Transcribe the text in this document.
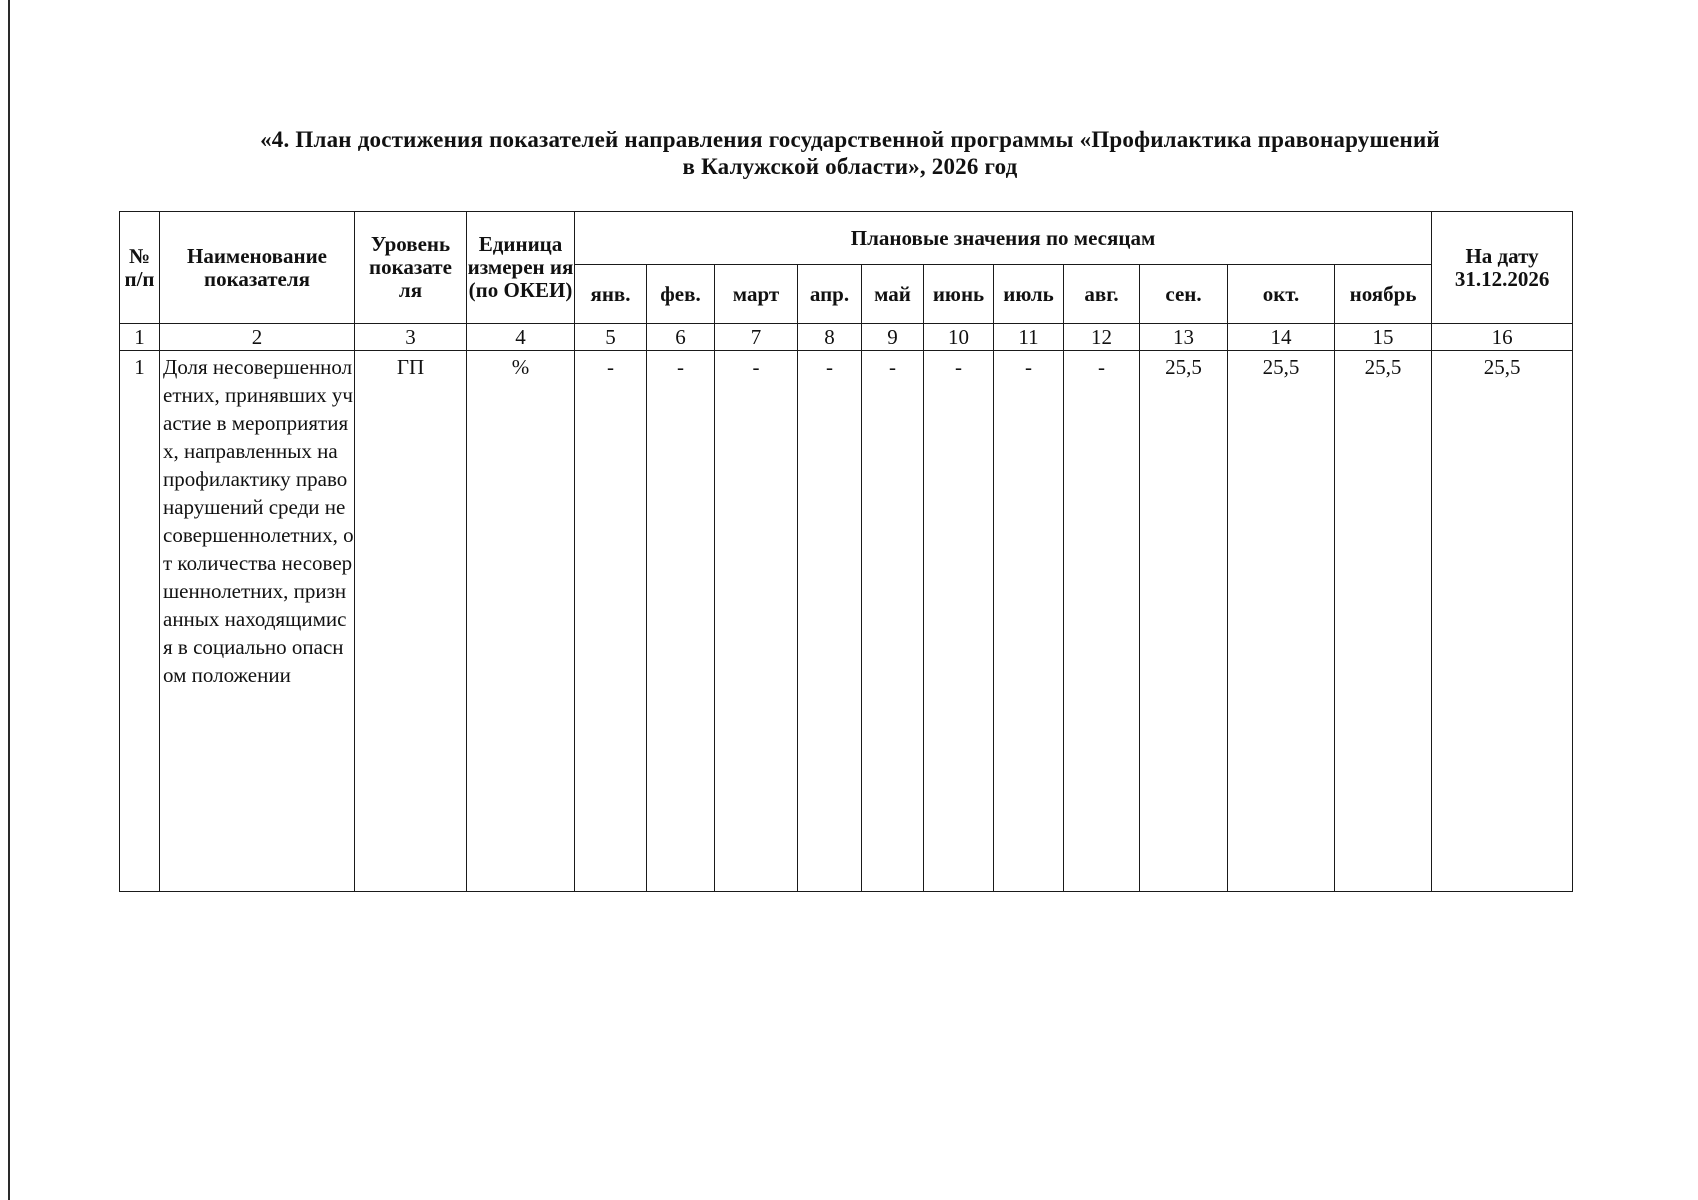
«4. План достижения показателей направления государственной программы «Профилактика правонарушений
в Калужской области», 2026 год
№ п/п	Наименование показателя	Уровень показате ля	Единица измерен ия (по ОКЕИ)	Плановые значения по месяцам											На дату 31.12.2026
				янв.	фев.	март	апр.	май	июнь	июль	авг.	сен.	окт.	ноябрь	
1	2	3	4	5	6	7	8	9	10	11	12	13	14	15	16
1	Доля несовершеннолетних, принявших участие в мероприятиях, направленных на профилактику правонарушений среди несовершеннолетних, от количества несовершеннолетних, признанных находящимися в социально опасном положении	ГП	%	-	-	-	-	-	-	-	-	25,5	25,5	25,5	25,5
